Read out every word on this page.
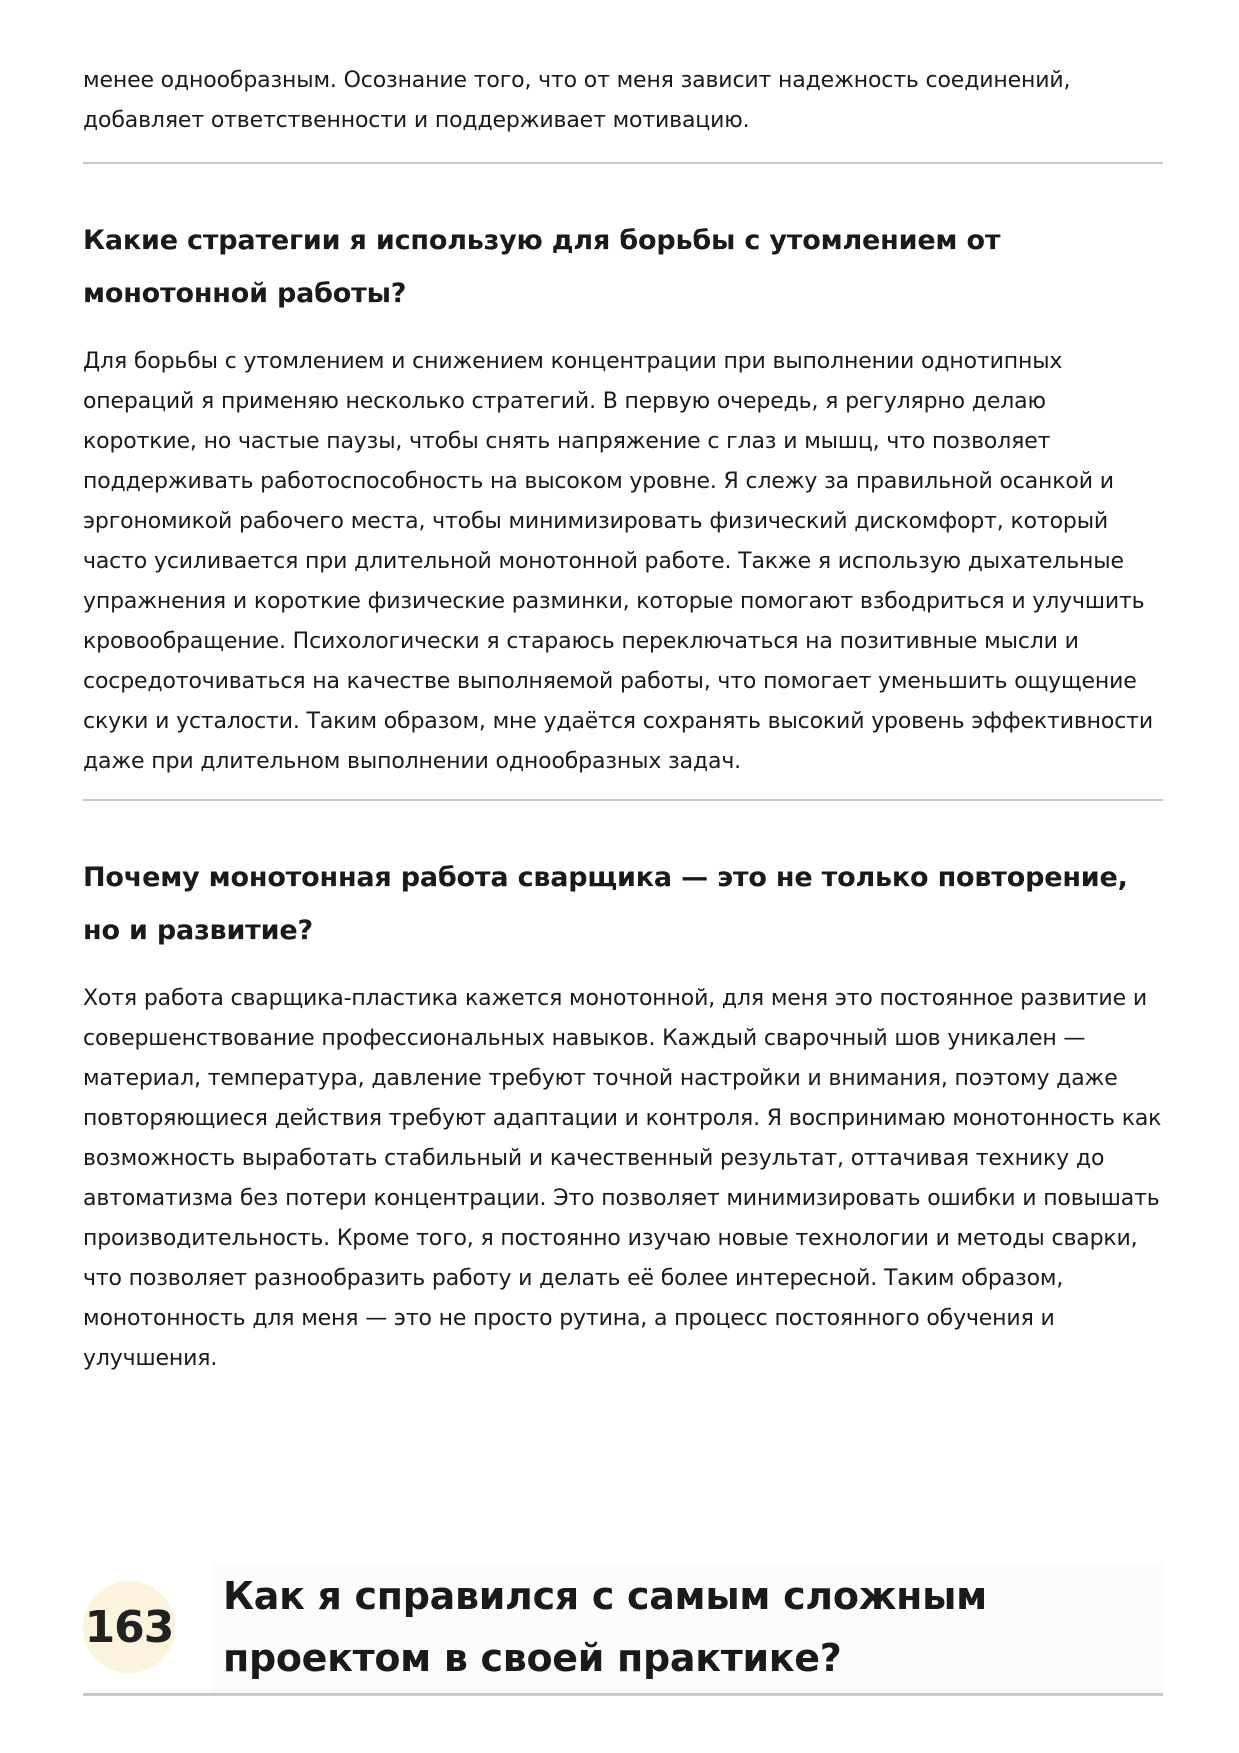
менее однообразным. Осознание того, что от меня зависит надежность соединений, добавляет ответственности и поддерживает мотивацию.

Какие стратегии я использую для борьбы с утомлением от монотонной работы?

Для борьбы с утомлением и снижением концентрации при выполнении однотипных операций я применяю несколько стратегий. В первую очередь, я регулярно делаю короткие, но частые паузы, чтобы снять напряжение с глаз и мышц, что позволяет поддерживать работоспособность на высоком уровне. Я слежу за правильной осанкой и эргономикой рабочего места, чтобы минимизировать физический дискомфорт, который часто усиливается при длительной монотонной работе. Также я использую дыхательные упражнения и короткие физические разминки, которые помогают взбодриться и улучшить кровообращение. Психологически я стараюсь переключаться на позитивные мысли и сосредоточиваться на качестве выполняемой работы, что помогает уменьшить ощущение скуки и усталости. Таким образом, мне удаётся сохранять высокий уровень эффективности даже при длительном выполнении однообразных задач.

Почему монотонная работа сварщика — это не только повторение, но и развитие?

Хотя работа сварщика-пластика кажется монотонной, для меня это постоянное развитие и совершенствование профессиональных навыков. Каждый сварочный шов уникален — материал, температура, давление требуют точной настройки и внимания, поэтому даже повторяющиеся действия требуют адаптации и контроля. Я воспринимаю монотонность как возможность выработать стабильный и качественный результат, оттачивая технику до автоматизма без потери концентрации. Это позволяет минимизировать ошибки и повышать производительность. Кроме того, я постоянно изучаю новые технологии и методы сварки, что позволяет разнообразить работу и делать её более интересной. Таким образом, монотонность для меня — это не просто рутина, а процесс постоянного обучения и улучшения.

163
Как я справился с самым сложным проектом в своей практике?
